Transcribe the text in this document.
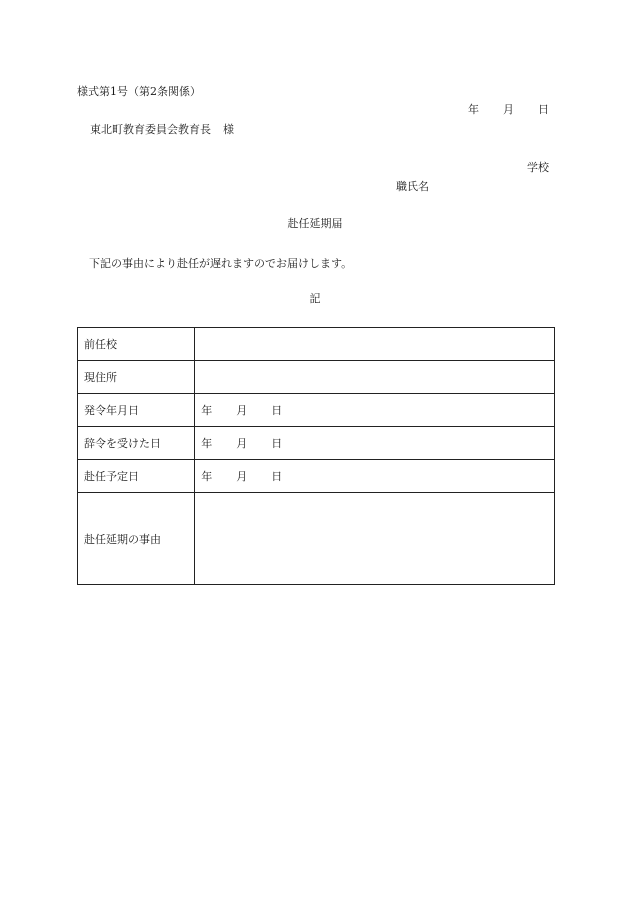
様式第1号（第2条関係）
年 月 日
東北町教育委員会教育長 様
学校
職氏名
赴任延期届
下記の事由により赴任が遅れますのでお届けします。
記
前任校	
現住所	
発令年月日	年 月 日
辞令を受けた日	年 月 日
赴任予定日	年 月 日
赴任延期の事由	
